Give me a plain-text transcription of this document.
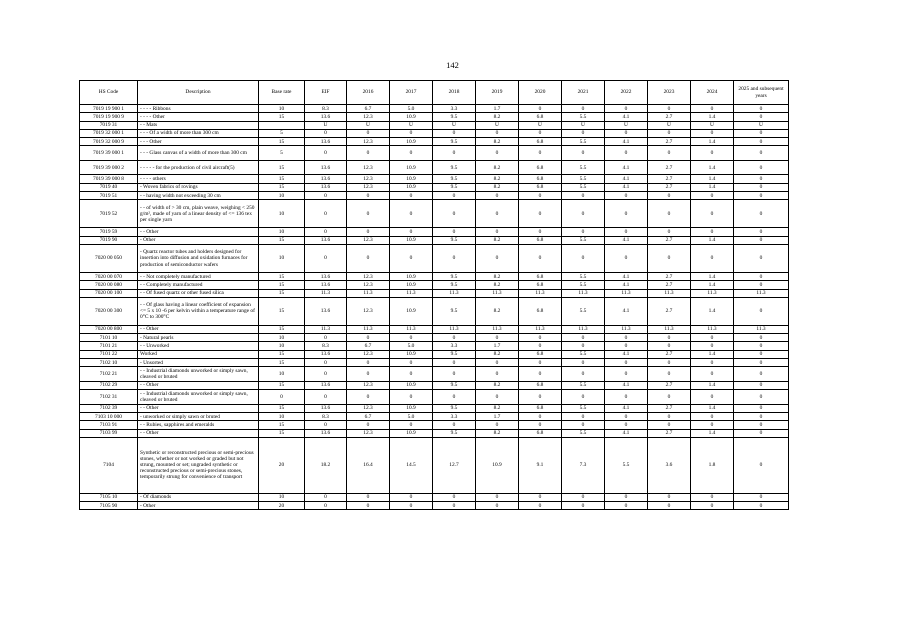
142
HS Code	Description	Base rate	EIF	2016	2017	2018	2019	2020	2021	2022	2023	2024	2025 and subsequent years
7019 19 900 1	- - - - Ribbons	10	8.3	6.7	5.0	3.3	1.7	0	0	0	0	0	0
7019 19 900 9	- - - - Other	15	13.6	12.3	10.9	9.5	8.2	6.8	5.5	4.1	2.7	1.4	0
7019 31	- - Mats		U	U	U	U	U	U	U	U	U	U	U
7019 32 000 1	- - - Of a width of more than 300 cm	5	0	0	0	0	0	0	0	0	0	0	0
7019 32 000 9	- - - Other	15	13.6	12.3	10.9	9.5	8.2	6.8	5.5	4.1	2.7	1.4	0
7019 39 000 1	- - - Glass canvas of a width of more than 300 cm	5	0	0	0	0	0	0	0	0	0	0	0
7019 39 000 2	- - - - - for the production of civil aircraft(5)	15	13.6	12.3	10.9	9.5	8.2	6.8	5.5	4.1	2.7	1.4	0
7019 39 000 8	- - - - others	15	13.6	12.3	10.9	9.5	8.2	6.8	5.5	4.1	2.7	1.4	0
7019 40	- Woven fabrics of rovings	15	13.6	12.3	10.9	9.5	8.2	6.8	5.5	4.1	2.7	1.4	0
7019 51	- - having width not exceeding 30 cm	10	0	0	0	0	0	0	0	0	0	0	0
7019 52	- - of width of > 30 cm, plain weave, weighing < 250 g/m², made of yarn of a linear density of <= 136 tex per single yarn	10	0	0	0	0	0	0	0	0	0	0	0
7019 59	- - Other	10	0	0	0	0	0	0	0	0	0	0	0
7019 90	- Other	15	13.6	12.3	10.9	9.5	8.2	6.8	5.5	4.1	2.7	1.4	0
7020 00 050	- Quartz reactor tubes and holders designed for insertion into diffusion and oxidation furnaces for production of semiconductor wafers	10	0	0	0	0	0	0	0	0	0	0	0
7020 00 070	- - Not completely manufactured	15	13.6	12.3	10.9	9.5	8.2	6.8	5.5	4.1	2.7	1.4	0
7020 00 080	- - Completely manufactured	15	13.6	12.3	10.9	9.5	8.2	6.8	5.5	4.1	2.7	1.4	0
7020 00 100	- - Of fused quartz or other fused silica	15	11.3	11.3	11.3	11.3	11.3	11.3	11.3	11.3	11.3	11.3	11.3
7020 00 300	- - Of glass having a linear coefficient of expansion <= 5 x 10 -6 per kelvin within a temperature range of 0°C to 300°C	15	13.6	12.3	10.9	9.5	8.2	6.8	5.5	4.1	2.7	1.4	0
7020 00 800	- - Other	15	11.3	11.3	11.3	11.3	11.3	11.3	11.3	11.3	11.3	11.3	11.3
7101 10	- Natural pearls	10	0	0	0	0	0	0	0	0	0	0	0
7101 21	- - Unworked	10	8.3	6.7	5.0	3.3	1.7	0	0	0	0	0	0
7101 22	Worked	15	13.6	12.3	10.9	9.5	8.2	6.8	5.5	4.1	2.7	1.4	0
7102 10	- Unsorted	15	0	0	0	0	0	0	0	0	0	0	0
7102 21	- - Industrial diamonds unworked or simply sawn, cleaved or bruted	10	0	0	0	0	0	0	0	0	0	0	0
7102 29	- - Other	15	13.6	12.3	10.9	9.5	8.2	6.8	5.5	4.1	2.7	1.4	0
7102 31	- - Industrial diamonds unworked or simply sawn, cleaved or bruted	0	0	0	0	0	0	0	0	0	0	0	0
7102 39	- - Other	15	13.6	12.3	10.9	9.5	8.2	6.8	5.5	4.1	2.7	1.4	0
7103 10 000	- unworked or simply sawn or bruted	10	8.3	6.7	5.0	3.3	1.7	0	0	0	0	0	0
7103 91	- - Rubies, sapphires and emeralds	15	0	0	0	0	0	0	0	0	0	0	0
7103 99	- - Other	15	13.6	12.3	10.9	9.5	8.2	6.8	5.5	4.1	2.7	1.4	0
7104	Synthetic or reconstructed precious or semi-precious stones, whether or not worked or graded but not strung, mounted or set; ungraded synthetic or reconstructed precious or semi-precious stones, temporarily strung for convenience of transport	20	18.2	16.4	14.5	12.7	10.9	9.1	7.3	5.5	3.6	1.8	0
7105 10	- Of diamonds	10	0	0	0	0	0	0	0	0	0	0	0
7105 90	- Other	20	0	0	0	0	0	0	0	0	0	0	0
